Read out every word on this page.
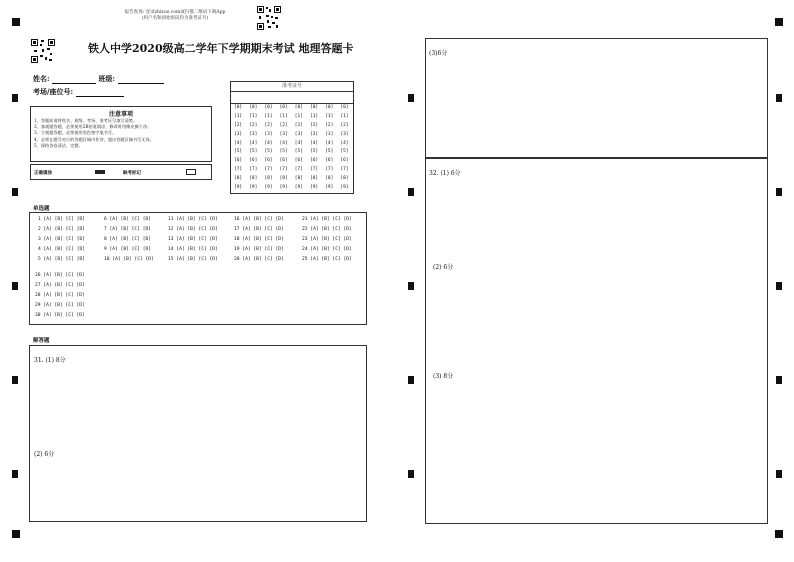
报告查询: 登录zhixue.com或扫描二维码下载App
(用户名和初始密码均为准考证号)
铁人中学2020级高二学年下学期期末考试 地理答题卡
姓名:	班级:
考场/座位号:
注意事项
1、答题前请将姓名、班级、考场、准考证号填写清楚。
2、客观题答题，必须使用2B铅笔填涂，修改时用橡皮擦干净。
3、主观题答题，必须使用黑色签字笔书写。
4、必须在题号对应的答题区域内作答，超出答题区域书写无效。
5、保持答卷清洁、完整。
正确填涂	缺考标记
准考证号
[0]
[1]
[2]
[3]
[4]
[5]
[6]
[7]
[8]
[9]
[0]
[1]
[2]
[3]
[4]
[5]
[6]
[7]
[8]
[9]
[0]
[1]
[2]
[3]
[4]
[5]
[6]
[7]
[8]
[9]
[0]
[1]
[2]
[3]
[4]
[5]
[6]
[7]
[8]
[9]
[0]
[1]
[2]
[3]
[4]
[5]
[6]
[7]
[8]
[9]
[0]
[1]
[2]
[3]
[4]
[5]
[6]
[7]
[8]
[9]
[0]
[1]
[2]
[3]
[4]
[5]
[6]
[7]
[8]
[9]
[0]
[1]
[2]
[3]
[4]
[5]
[6]
[7]
[8]
[9]
单选题
1 [A] [B] [C] [D]
2 [A] [B] [C] [D]
3 [A] [B] [C] [D]
4 [A] [B] [C] [D]
5 [A] [B] [C] [D]
6 [A] [B] [C] [D]
7 [A] [B] [C] [D]
8 [A] [B] [C] [D]
9 [A] [B] [C] [D]
10 [A] [B] [C] [D]
11 [A] [B] [C] [D]
12 [A] [B] [C] [D]
13 [A] [B] [C] [D]
14 [A] [B] [C] [D]
15 [A] [B] [C] [D]
16 [A] [B] [C] [D]
17 [A] [B] [C] [D]
18 [A] [B] [C] [D]
19 [A] [B] [C] [D]
20 [A] [B] [C] [D]
21 [A] [B] [C] [D]
22 [A] [B] [C] [D]
23 [A] [B] [C] [D]
24 [A] [B] [C] [D]
25 [A] [B] [C] [D]
26 [A] [B] [C] [D]
27 [A] [B] [C] [D]
28 [A] [B] [C] [D]
29 [A] [B] [C] [D]
30 [A] [B] [C] [D]
解答题
31. (1) 8分
(2) 6分
(3)6分
32. (1) 6分
(2) 6分
(3) 8分
